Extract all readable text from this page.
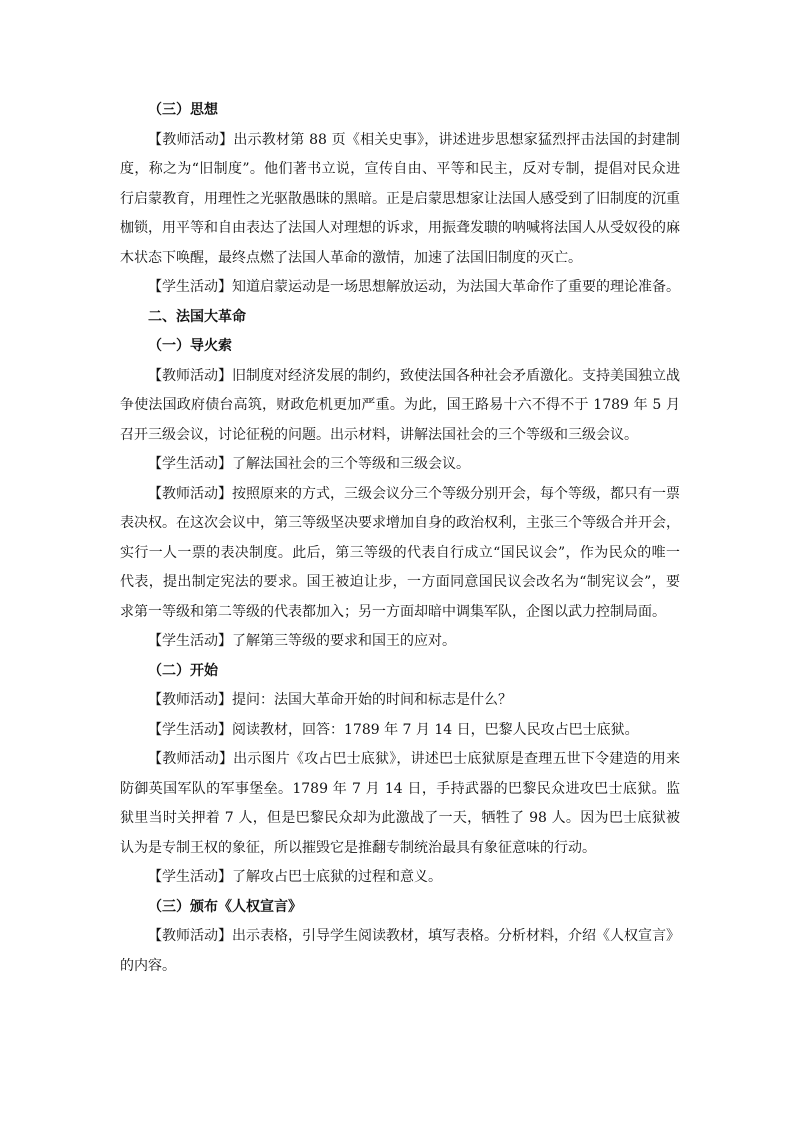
（三）思想

【教师活动】出示教材第 88 页《相关史事》，讲述进步思想家猛烈抨击法国的封建制度，称之为“旧制度”。他们著书立说，宣传自由、平等和民主，反对专制，提倡对民众进行启蒙教育，用理性之光驱散愚昧的黑暗。正是启蒙思想家让法国人感受到了旧制度的沉重枷锁，用平等和自由表达了法国人对理想的诉求，用振聋发聩的呐喊将法国人从受奴役的麻木状态下唤醒，最终点燃了法国人革命的激情，加速了法国旧制度的灭亡。

【学生活动】知道启蒙运动是一场思想解放运动，为法国大革命作了重要的理论准备。

二、法国大革命
（一）导火索

【教师活动】旧制度对经济发展的制约，致使法国各种社会矛盾激化。支持美国独立战争使法国政府债台高筑，财政危机更加严重。为此，国王路易十六不得不于 1789 年 5 月召开三级会议，讨论征税的问题。出示材料，讲解法国社会的三个等级和三级会议。

【学生活动】了解法国社会的三个等级和三级会议。

【教师活动】按照原来的方式，三级会议分三个等级分别开会，每个等级，都只有一票表决权。在这次会议中，第三等级坚决要求增加自身的政治权利，主张三个等级合并开会，实行一人一票的表决制度。此后，第三等级的代表自行成立“国民议会”，作为民众的唯一代表，提出制定宪法的要求。国王被迫让步，一方面同意国民议会改名为“制宪议会”，要求第一等级和第二等级的代表都加入；另一方面却暗中调集军队，企图以武力控制局面。

【学生活动】了解第三等级的要求和国王的应对。

（二）开始

【教师活动】提问：法国大革命开始的时间和标志是什么？

【学生活动】阅读教材，回答：1789 年 7 月 14 日，巴黎人民攻占巴士底狱。

【教师活动】出示图片《攻占巴士底狱》，讲述巴士底狱原是查理五世下令建造的用来防御英国军队的军事堡垒。1789 年 7 月 14 日，手持武器的巴黎民众进攻巴士底狱。监狱里当时关押着 7 人，但是巴黎民众却为此激战了一天，牺牲了 98 人。因为巴士底狱被认为是专制王权的象征，所以摧毁它是推翻专制统治最具有象征意味的行动。

【学生活动】了解攻占巴士底狱的过程和意义。

（三）颁布《人权宣言》

【教师活动】出示表格，引导学生阅读教材，填写表格。分析材料，介绍《人权宣言》的内容。
